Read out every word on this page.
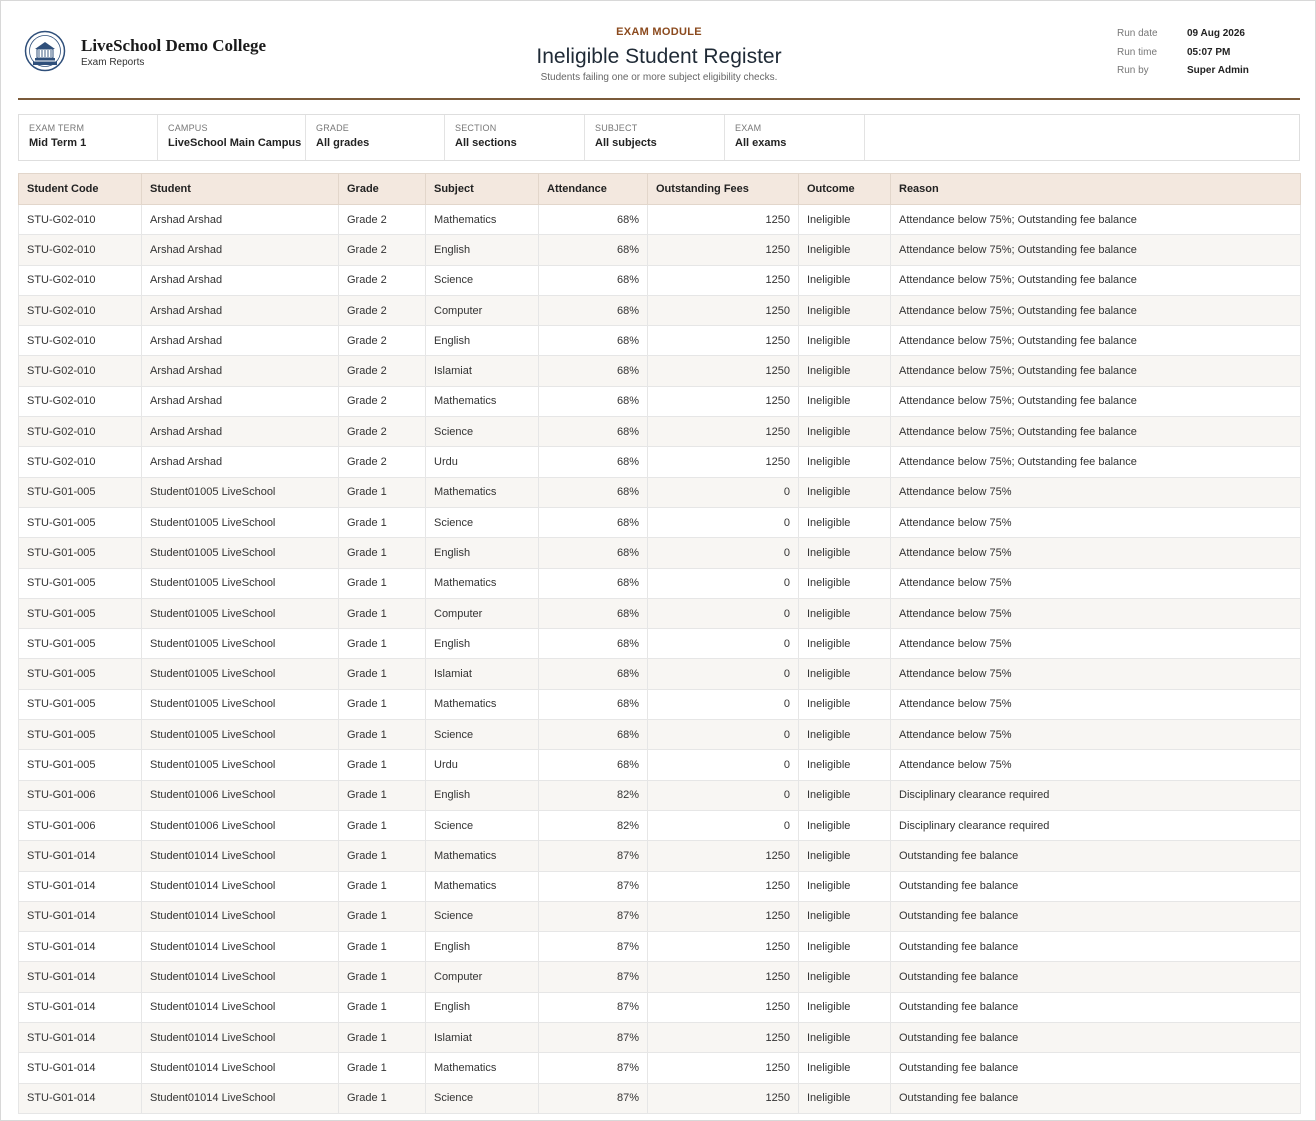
LiveSchool Demo College
Exam Reports
EXAM MODULE
Ineligible Student Register
Students failing one or more subject eligibility checks.
Run date	09 Aug 2026
Run time	05:07 PM
Run by	Super Admin
EXAM TERM
Mid Term 1
CAMPUS
LiveSchool Main Campus
GRADE
All grades
SECTION
All sections
SUBJECT
All subjects
EXAM
All exams
Student Code	Student	Grade	Subject	Attendance	Outstanding Fees	Outcome	Reason
STU-G02-010	Arshad Arshad	Grade 2	Mathematics	68%	1250	Ineligible	Attendance below 75%; Outstanding fee balance
STU-G02-010	Arshad Arshad	Grade 2	English	68%	1250	Ineligible	Attendance below 75%; Outstanding fee balance
STU-G02-010	Arshad Arshad	Grade 2	Science	68%	1250	Ineligible	Attendance below 75%; Outstanding fee balance
STU-G02-010	Arshad Arshad	Grade 2	Computer	68%	1250	Ineligible	Attendance below 75%; Outstanding fee balance
STU-G02-010	Arshad Arshad	Grade 2	English	68%	1250	Ineligible	Attendance below 75%; Outstanding fee balance
STU-G02-010	Arshad Arshad	Grade 2	Islamiat	68%	1250	Ineligible	Attendance below 75%; Outstanding fee balance
STU-G02-010	Arshad Arshad	Grade 2	Mathematics	68%	1250	Ineligible	Attendance below 75%; Outstanding fee balance
STU-G02-010	Arshad Arshad	Grade 2	Science	68%	1250	Ineligible	Attendance below 75%; Outstanding fee balance
STU-G02-010	Arshad Arshad	Grade 2	Urdu	68%	1250	Ineligible	Attendance below 75%; Outstanding fee balance
STU-G01-005	Student01005 LiveSchool	Grade 1	Mathematics	68%	0	Ineligible	Attendance below 75%
STU-G01-005	Student01005 LiveSchool	Grade 1	Science	68%	0	Ineligible	Attendance below 75%
STU-G01-005	Student01005 LiveSchool	Grade 1	English	68%	0	Ineligible	Attendance below 75%
STU-G01-005	Student01005 LiveSchool	Grade 1	Mathematics	68%	0	Ineligible	Attendance below 75%
STU-G01-005	Student01005 LiveSchool	Grade 1	Computer	68%	0	Ineligible	Attendance below 75%
STU-G01-005	Student01005 LiveSchool	Grade 1	English	68%	0	Ineligible	Attendance below 75%
STU-G01-005	Student01005 LiveSchool	Grade 1	Islamiat	68%	0	Ineligible	Attendance below 75%
STU-G01-005	Student01005 LiveSchool	Grade 1	Mathematics	68%	0	Ineligible	Attendance below 75%
STU-G01-005	Student01005 LiveSchool	Grade 1	Science	68%	0	Ineligible	Attendance below 75%
STU-G01-005	Student01005 LiveSchool	Grade 1	Urdu	68%	0	Ineligible	Attendance below 75%
STU-G01-006	Student01006 LiveSchool	Grade 1	English	82%	0	Ineligible	Disciplinary clearance required
STU-G01-006	Student01006 LiveSchool	Grade 1	Science	82%	0	Ineligible	Disciplinary clearance required
STU-G01-014	Student01014 LiveSchool	Grade 1	Mathematics	87%	1250	Ineligible	Outstanding fee balance
STU-G01-014	Student01014 LiveSchool	Grade 1	Mathematics	87%	1250	Ineligible	Outstanding fee balance
STU-G01-014	Student01014 LiveSchool	Grade 1	Science	87%	1250	Ineligible	Outstanding fee balance
STU-G01-014	Student01014 LiveSchool	Grade 1	English	87%	1250	Ineligible	Outstanding fee balance
STU-G01-014	Student01014 LiveSchool	Grade 1	Computer	87%	1250	Ineligible	Outstanding fee balance
STU-G01-014	Student01014 LiveSchool	Grade 1	English	87%	1250	Ineligible	Outstanding fee balance
STU-G01-014	Student01014 LiveSchool	Grade 1	Islamiat	87%	1250	Ineligible	Outstanding fee balance
STU-G01-014	Student01014 LiveSchool	Grade 1	Mathematics	87%	1250	Ineligible	Outstanding fee balance
STU-G01-014	Student01014 LiveSchool	Grade 1	Science	87%	1250	Ineligible	Outstanding fee balance
